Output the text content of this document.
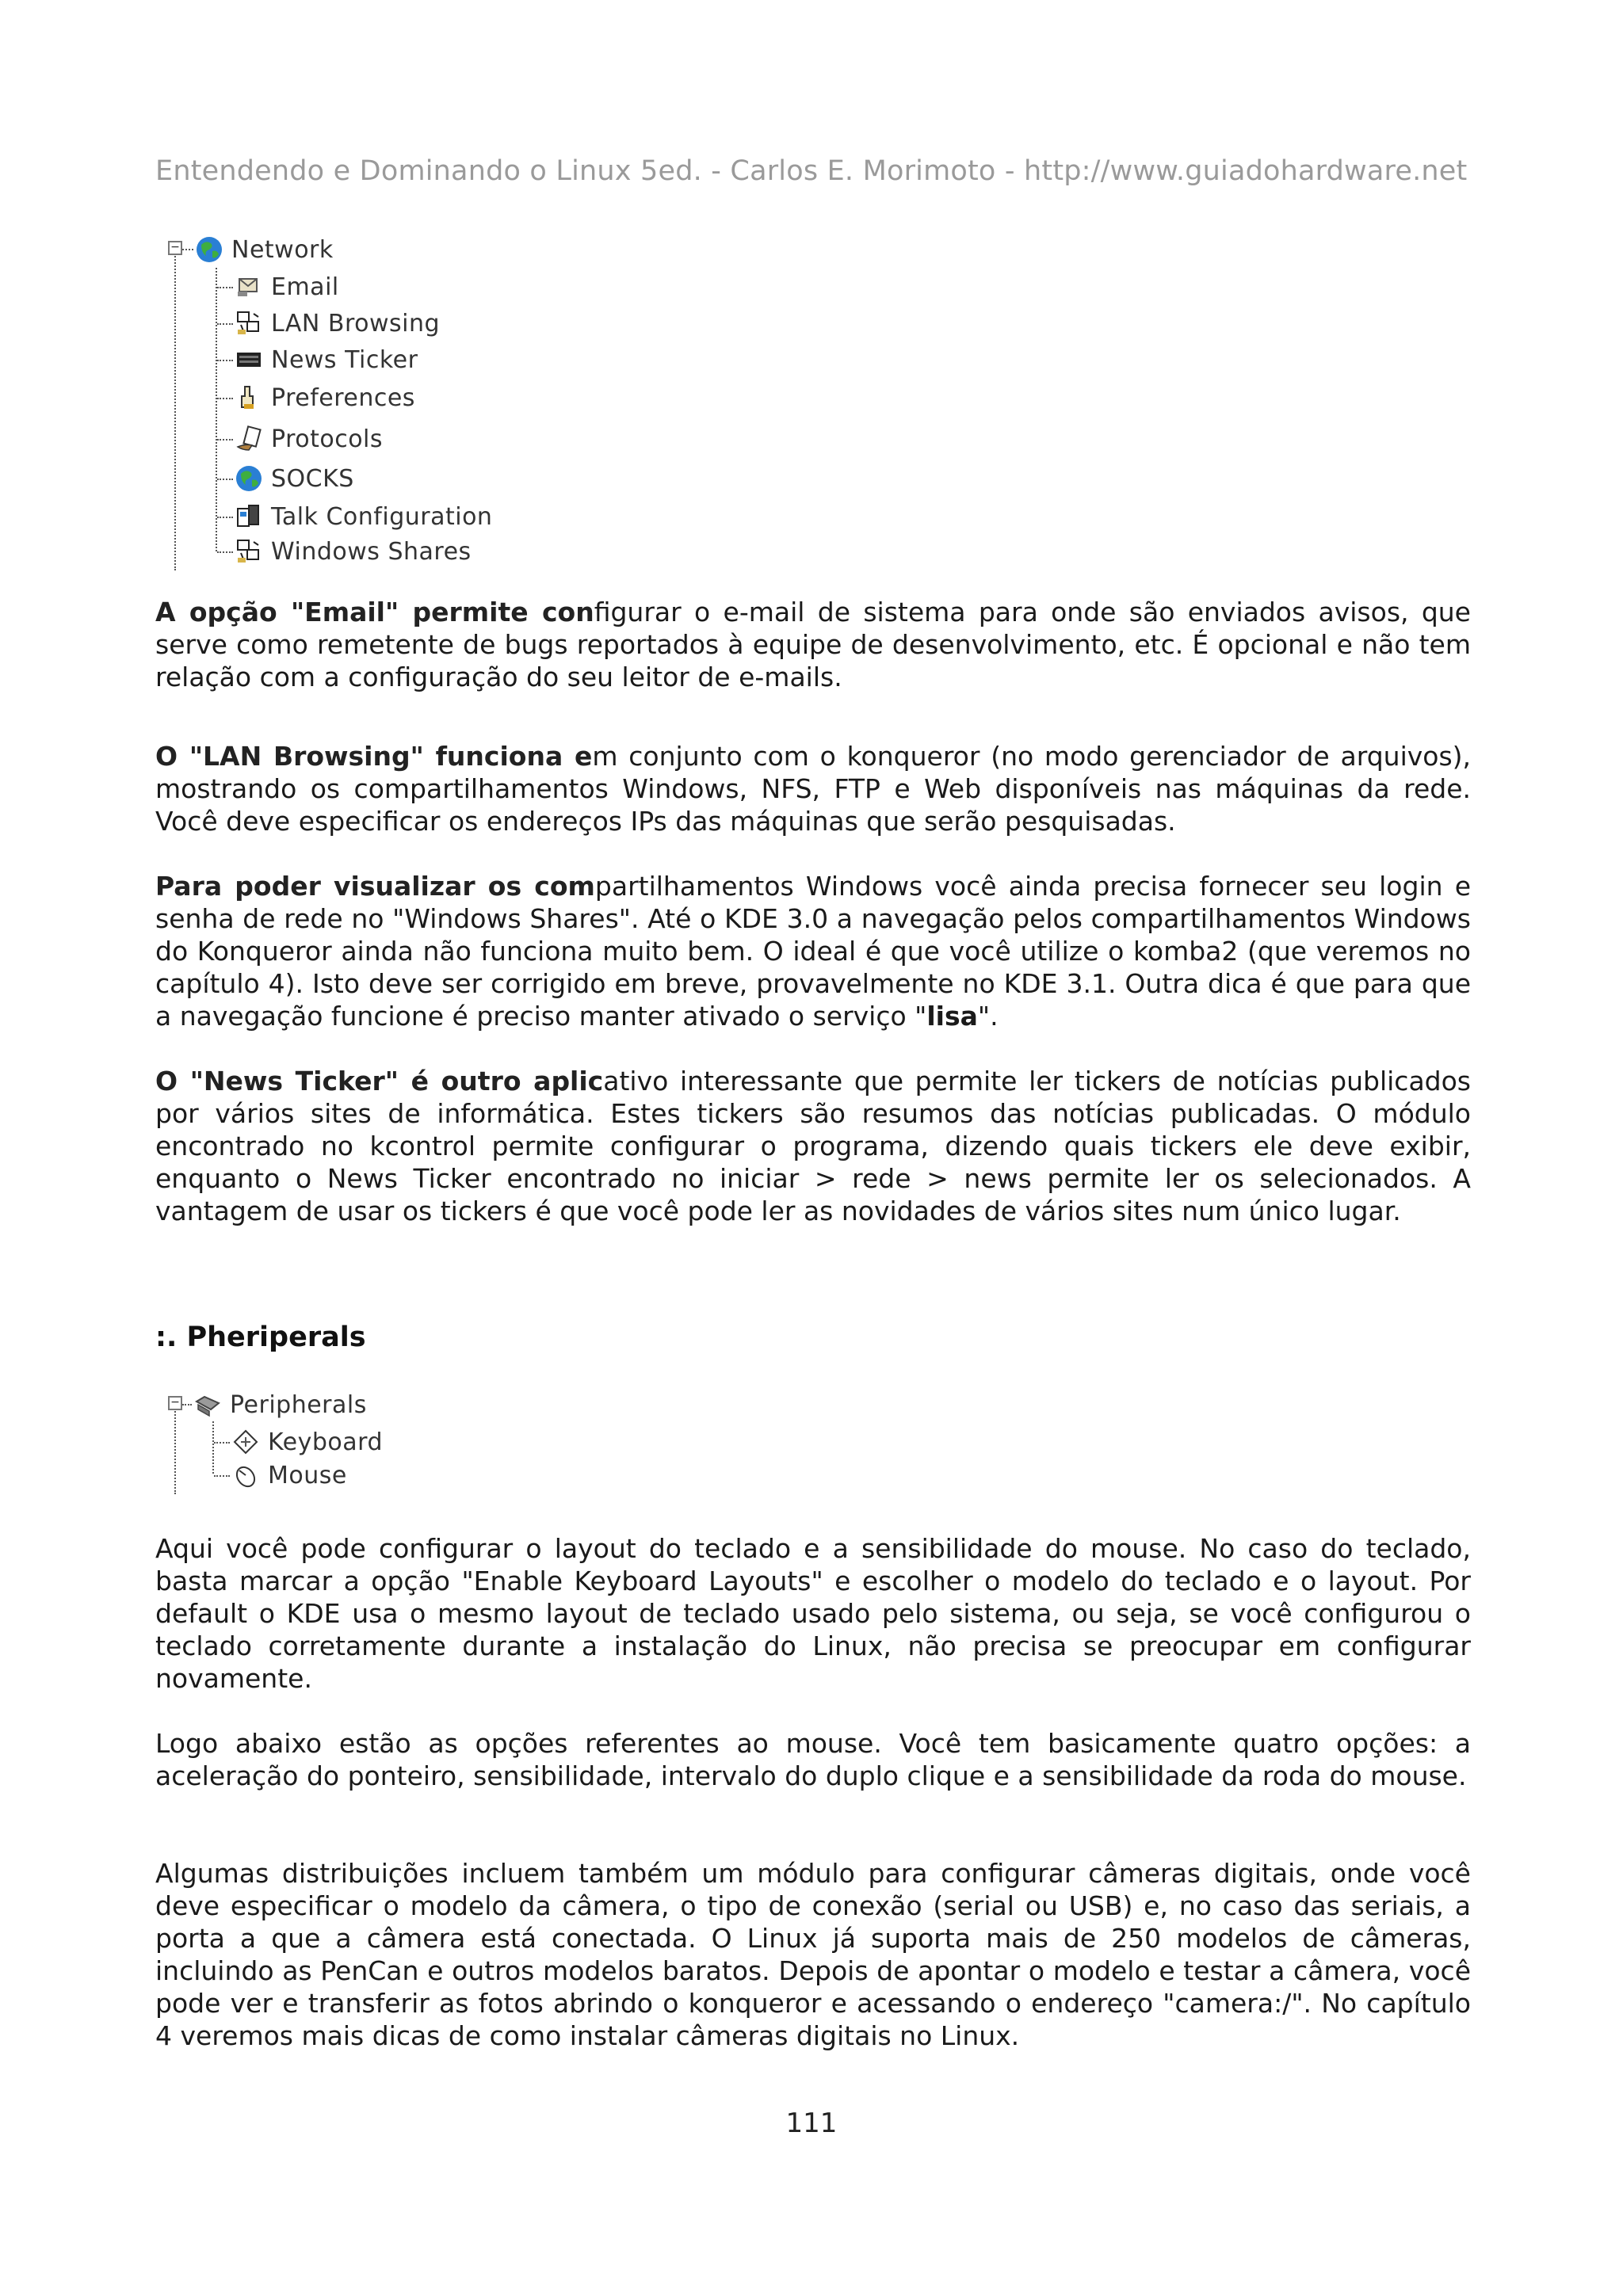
Entendendo e Dominando o Linux 5ed. - Carlos E. Morimoto - http://www.guiadohardware.net
− Network
Email
LAN Browsing
News Ticker
Preferences
Protocols
SOCKS
Talk Configuration
Windows Shares

A opção "Email" permite configurar o e-mail de sistema para onde são enviados avisos, que serve como remetente de bugs reportados à equipe de desenvolvimento, etc. É opcional e não tem relação com a configuração do seu leitor de e-mails.

O "LAN Browsing" funciona em conjunto com o konqueror (no modo gerenciador de arquivos), mostrando os compartilhamentos Windows, NFS, FTP e Web disponíveis nas máquinas da rede. Você deve especificar os endereços IPs das máquinas que serão pesquisadas.

Para poder visualizar os compartilhamentos Windows você ainda precisa fornecer seu login e senha de rede no "Windows Shares". Até o KDE 3.0 a navegação pelos compartilhamentos Windows do Konqueror ainda não funciona muito bem. O ideal é que você utilize o komba2 (que veremos no capítulo 4). Isto deve ser corrigido em breve, provavelmente no KDE 3.1. Outra dica é que para que a navegação funcione é preciso manter ativado o serviço "lisa".

O "News Ticker" é outro aplicativo interessante que permite ler tickers de notícias publicados por vários sites de informática. Estes tickers são resumos das notícias publicadas. O módulo encontrado no kcontrol permite configurar o programa, dizendo quais tickers ele deve exibir, enquanto o News Ticker encontrado no iniciar > rede > news permite ler os selecionados. A vantagem de usar os tickers é que você pode ler as novidades de vários sites num único lugar.

:. Pheriperals
− Peripherals
Keyboard
Mouse

Aqui você pode configurar o layout do teclado e a sensibilidade do mouse. No caso do teclado, basta marcar a opção "Enable Keyboard Layouts" e escolher o modelo do teclado e o layout. Por default o KDE usa o mesmo layout de teclado usado pelo sistema, ou seja, se você configurou o teclado corretamente durante a instalação do Linux, não precisa se preocupar em configurar novamente.

Logo abaixo estão as opções referentes ao mouse. Você tem basicamente quatro opções: a aceleração do ponteiro, sensibilidade, intervalo do duplo clique e a sensibilidade da roda do mouse.

Algumas distribuições incluem também um módulo para configurar câmeras digitais, onde você deve especificar o modelo da câmera, o tipo de conexão (serial ou USB) e, no caso das seriais, a porta a que a câmera está conectada. O Linux já suporta mais de 250 modelos de câmeras, incluindo as PenCan e outros modelos baratos. Depois de apontar o modelo e testar a câmera, você pode ver e transferir as fotos abrindo o konqueror e acessando o endereço "camera:/". No capítulo 4 veremos mais dicas de como instalar câmeras digitais no Linux.

111
